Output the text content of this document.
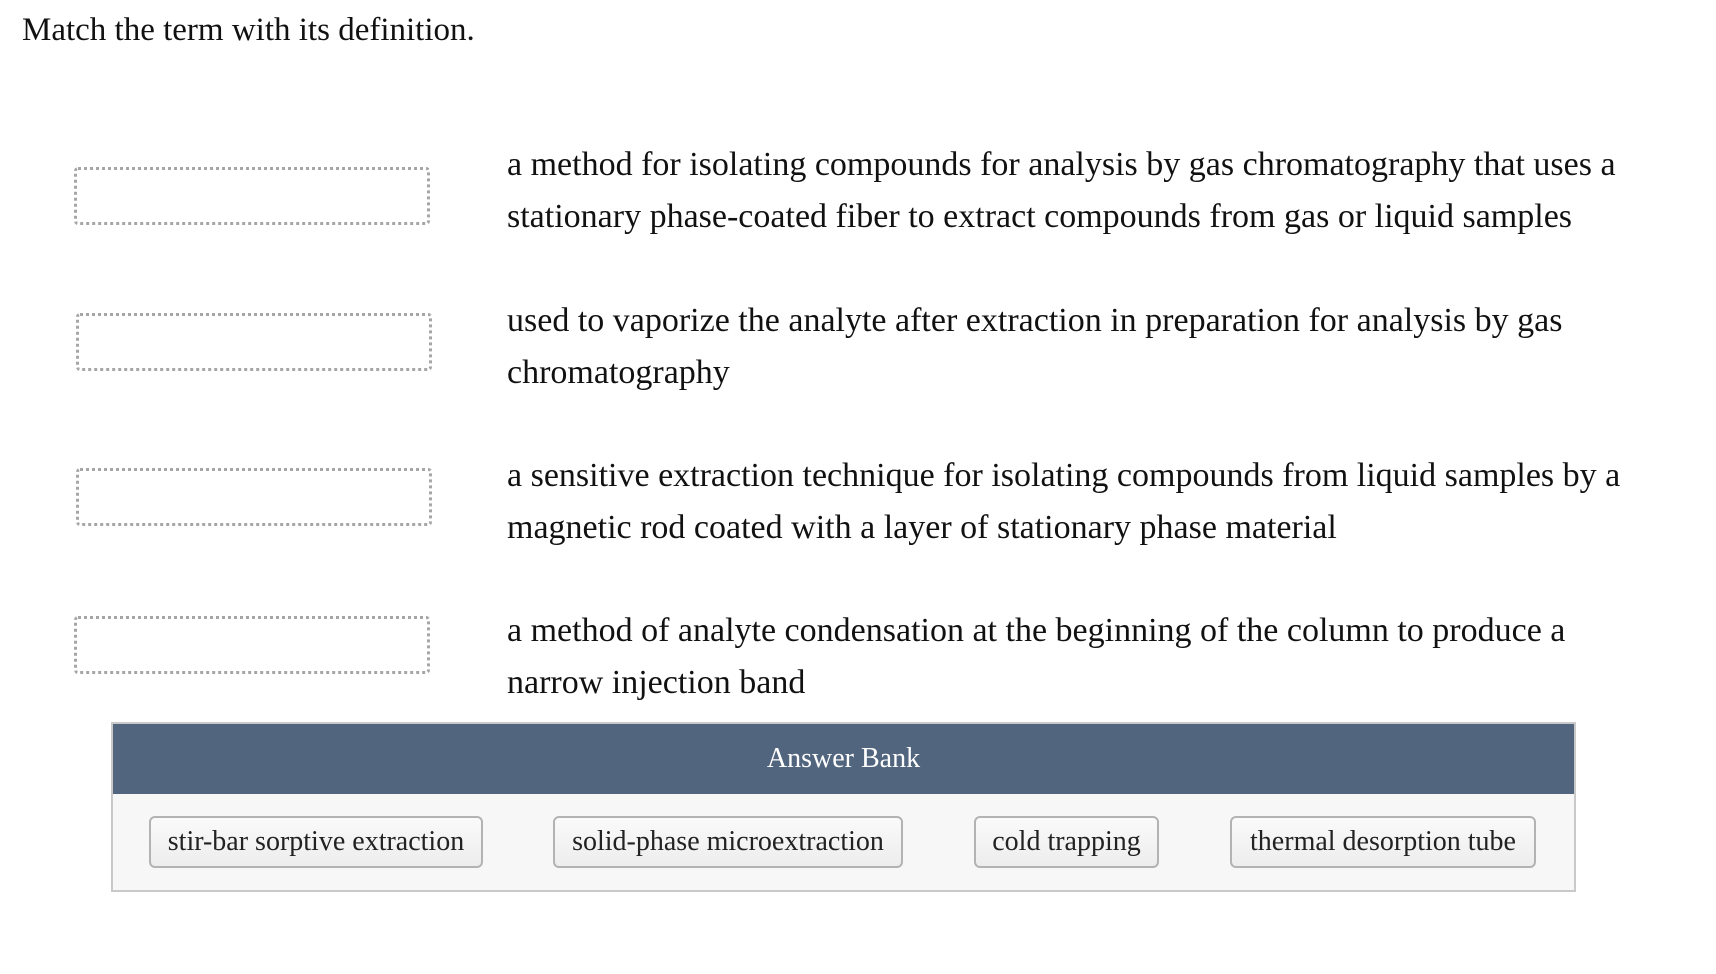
Match the term with its definition.

a method for isolating compounds for analysis by gas chromatography that uses a stationary phase-coated fiber to extract compounds from gas or liquid samples

used to vaporize the analyte after extraction in preparation for analysis by gas chromatography

a sensitive extraction technique for isolating compounds from liquid samples by a magnetic rod coated with a layer of stationary phase material

a method of analyte condensation at the beginning of the column to produce a narrow injection band

Answer Bank
stir-bar sorptive extraction	solid-phase microextraction	cold trapping	thermal desorption tube
